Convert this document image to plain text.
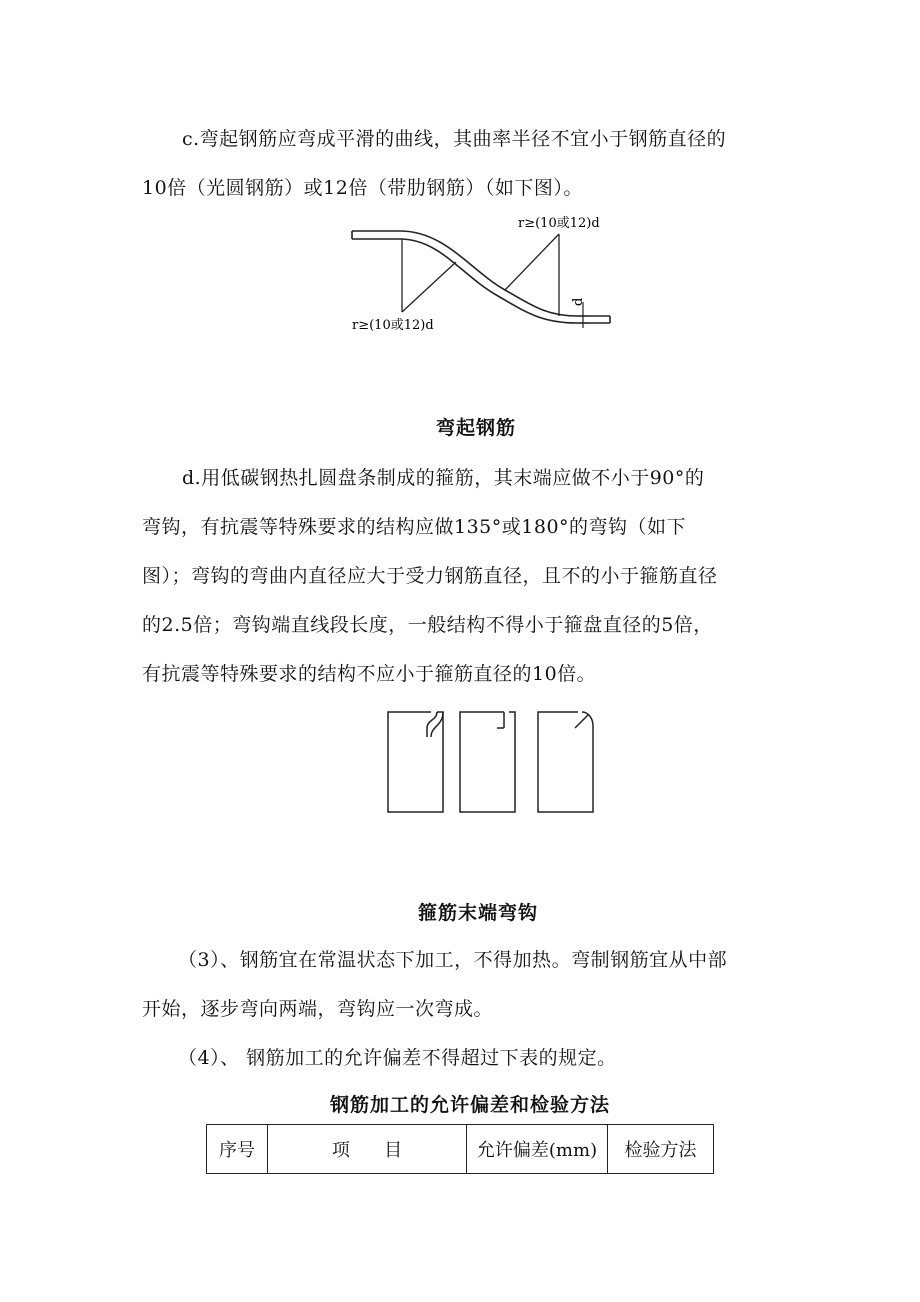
c.弯起钢筋应弯成平滑的曲线，其曲率半径不宜小于钢筋直径的
10倍（光圆钢筋）或12倍（带肋钢筋）（如下图）。
d
r≥(10或12)d
r≥(10或12)d
弯起钢筋
d.用低碳钢热扎圆盘条制成的箍筋，其末端应做不小于90°的
弯钩，有抗震等特殊要求的结构应做135°或180°的弯钩（如下
图）；弯钩的弯曲内直径应大于受力钢筋直径，且不的小于箍筋直径
的2.5倍；弯钩端直线段长度，一般结构不得小于箍盘直径的5倍，
有抗震等特殊要求的结构不应小于箍筋直径的10倍。
箍筋末端弯钩
（3）、钢筋宜在常温状态下加工，不得加热。弯制钢筋宜从中部
开始，逐步弯向两端，弯钩应一次弯成。
（4）、 钢筋加工的允许偏差不得超过下表的规定。
钢筋加工的允许偏差和检验方法
序号	项      目	允许偏差(mm)	检验方法
